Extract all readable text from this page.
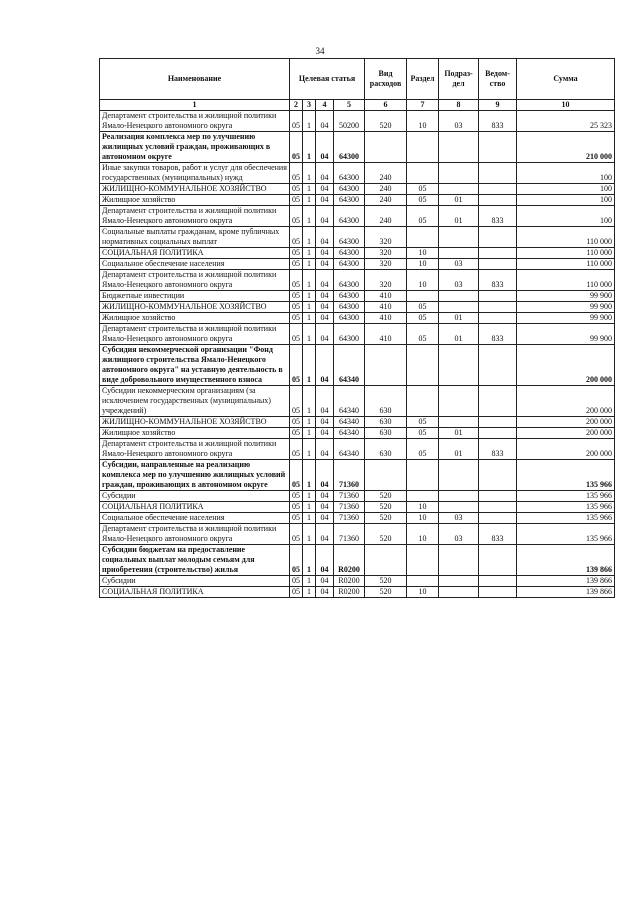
34
Наименование	Целевая статья				Вид расходов	Раздел	Подраз-дел	Ведом-ство	Сумма
1	2	3	4	5	6	7	8	9	10
Департамент строительства и жилищной политики Ямало-Ненецкого автономного округа	05	1	04	50200	520	10	03	833	25 323
Реализация комплекса мер по улучшению жилищных условий граждан, проживающих в автономном округе	05	1	04	64300					210 000
Иные закупки товаров, работ и услуг для обеспечения государственных (муниципальных) нужд	05	1	04	64300	240				100
ЖИЛИЩНО-КОММУНАЛЬНОЕ ХОЗЯЙСТВО	05	1	04	64300	240	05			100
Жилищное хозяйство	05	1	04	64300	240	05	01		100
Департамент строительства и жилищной политики Ямало-Ненецкого автономного округа	05	1	04	64300	240	05	01	833	100
Социальные выплаты гражданам, кроме публичных нормативных социальных выплат	05	1	04	64300	320				110 000
СОЦИАЛЬНАЯ ПОЛИТИКА	05	1	04	64300	320	10			110 000
Социальное обеспечение населения	05	1	04	64300	320	10	03		110 000
Департамент строительства и жилищной политики Ямало-Ненецкого автономного округа	05	1	04	64300	320	10	03	833	110 000
Бюджетные инвестиции	05	1	04	64300	410				99 900
ЖИЛИЩНО-КОММУНАЛЬНОЕ ХОЗЯЙСТВО	05	1	04	64300	410	05			99 900
Жилищное хозяйство	05	1	04	64300	410	05	01		99 900
Департамент строительства и жилищной политики Ямало-Ненецкого автономного округа	05	1	04	64300	410	05	01	833	99 900
Субсидия некоммерческой организации "Фонд жилищного строительства Ямало-Ненецкого автономного округа" на уставную деятельность в виде добровольного имущественного взноса	05	1	04	64340					200 000
Субсидии некоммерческим организациям (за исключением государственных (муниципальных) учреждений)	05	1	04	64340	630				200 000
ЖИЛИЩНО-КОММУНАЛЬНОЕ ХОЗЯЙСТВО	05	1	04	64340	630	05			200 000
Жилищное хозяйство	05	1	04	64340	630	05	01		200 000
Департамент строительства и жилищной политики Ямало-Ненецкого автономного округа	05	1	04	64340	630	05	01	833	200 000
Субсидии, направленные на реализацию комплекса мер по улучшению жилищных условий граждан, проживающих в автономном округе	05	1	04	71360					135 966
Субсидии	05	1	04	71360	520				135 966
СОЦИАЛЬНАЯ ПОЛИТИКА	05	1	04	71360	520	10			135 966
Социальное обеспечение населения	05	1	04	71360	520	10	03		135 966
Департамент строительства и жилищной политики Ямало-Ненецкого автономного округа	05	1	04	71360	520	10	03	833	135 966
Субсидии бюджетам на предоставление социальных выплат молодым семьям для приобретения (строительство) жилья	05	1	04	R0200					139 866
Субсидии	05	1	04	R0200	520				139 866
СОЦИАЛЬНАЯ ПОЛИТИКА	05	1	04	R0200	520	10			139 866
